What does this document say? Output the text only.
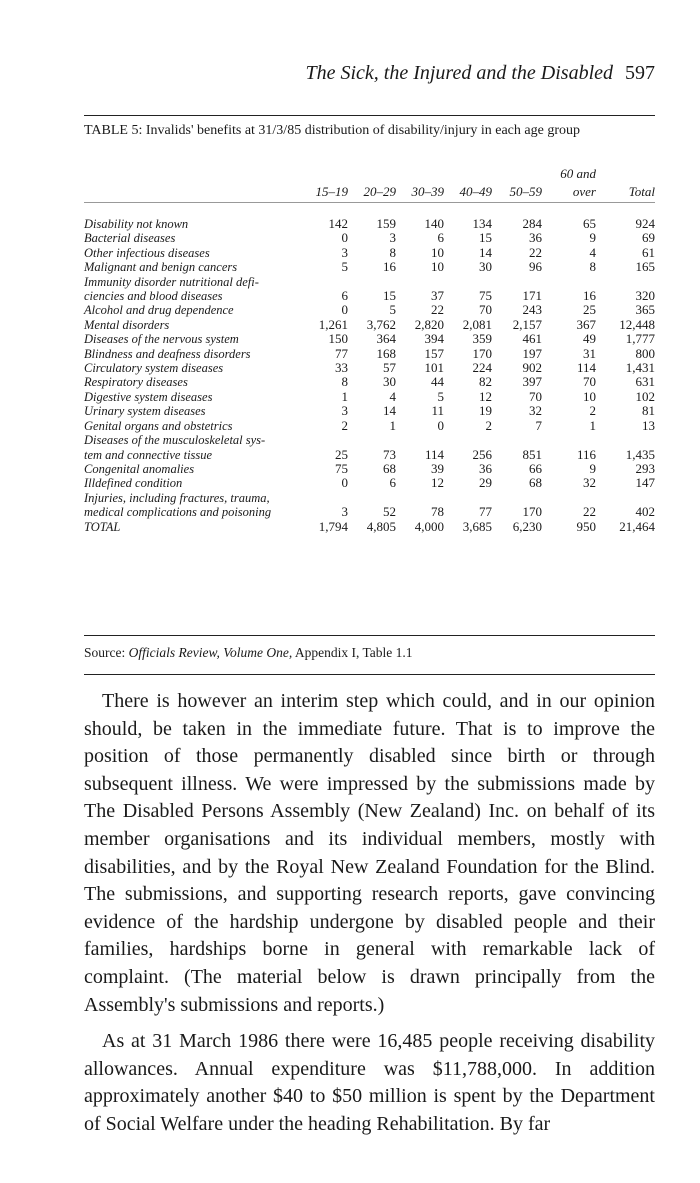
The Sick, the Injured and the Disabled 597
TABLE 5: Invalids' benefits at 31/3/85 distribution of disability/injury in each age group
						60 and	
	15–19	20–29	30–39	40–49	50–59	over	Total

Disability not known	142	159	140	134	284	65	924
Bacterial diseases	0	3	6	15	36	9	69
Other infectious diseases	3	8	10	14	22	4	61
Malignant and benign cancers	5	16	10	30	96	8	165
Immunity disorder nutritional defi-							
ciencies and blood diseases	6	15	37	75	171	16	320
Alcohol and drug dependence	0	5	22	70	243	25	365
Mental disorders	1,261	3,762	2,820	2,081	2,157	367	12,448
Diseases of the nervous system	150	364	394	359	461	49	1,777
Blindness and deafness disorders	77	168	157	170	197	31	800
Circulatory system diseases	33	57	101	224	902	114	1,431
Respiratory diseases	8	30	44	82	397	70	631
Digestive system diseases	1	4	5	12	70	10	102
Urinary system diseases	3	14	11	19	32	2	81
Genital organs and obstetrics	2	1	0	2	7	1	13
Diseases of the musculoskeletal sys-							
tem and connective tissue	25	73	114	256	851	116	1,435
Congenital anomalies	75	68	39	36	66	9	293
Illdefined condition	0	6	12	29	68	32	147
Injuries, including fractures, trauma,							
medical complications and poisoning	3	52	78	77	170	22	402
TOTAL	1,794	4,805	4,000	3,685	6,230	950	21,464
Source: Officials Review, Volume One, Appendix I, Table 1.1

There is however an interim step which could, and in our opinion should, be taken in the immediate future. That is to improve the position of those permanently disabled since birth or through subsequent illness. We were impressed by the submissions made by The Disabled Persons Assembly (New Zealand) Inc. on behalf of its member organisations and its individual members, mostly with disabilities, and by the Royal New Zealand Foundation for the Blind. The submissions, and supporting research reports, gave convincing evidence of the hardship undergone by disabled people and their families, hardships borne in general with remarkable lack of complaint. (The material below is drawn principally from the Assembly's submissions and reports.)

As at 31 March 1986 there were 16,485 people receiving disability allowances. Annual expenditure was $11,788,000. In addition approximately another $40 to $50 million is spent by the Department of Social Welfare under the heading Rehabilitation. By far
